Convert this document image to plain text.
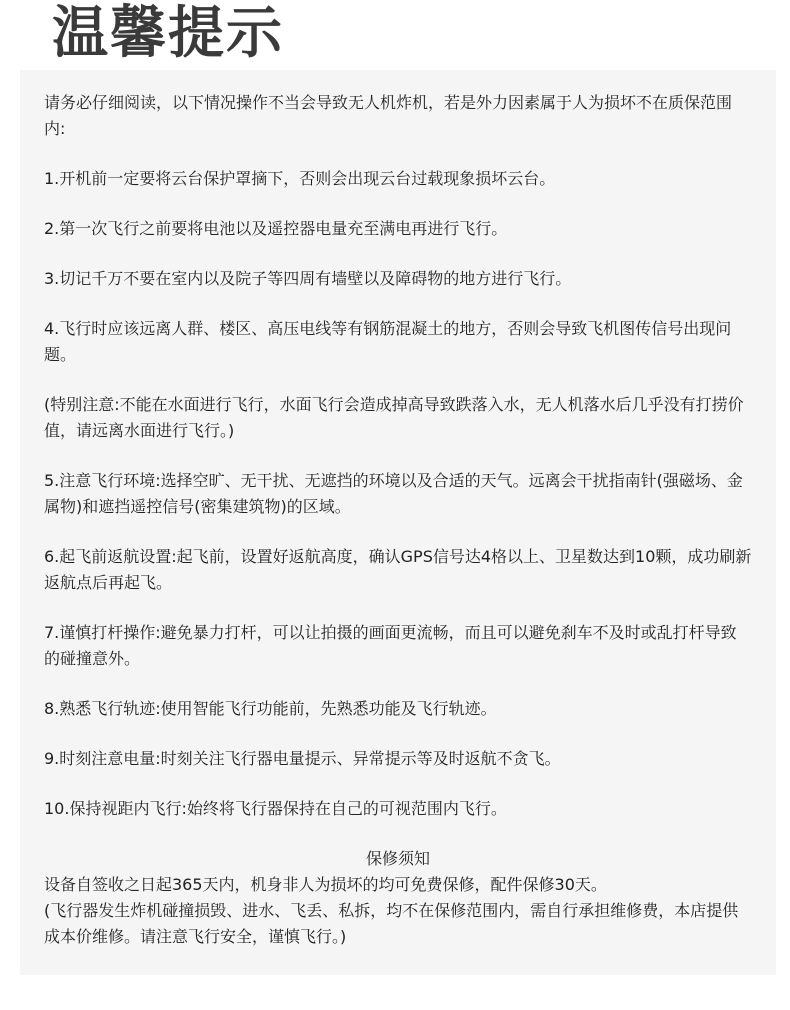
温馨提示

请务必仔细阅读，以下情况操作不当会导致无人机炸机，若是外力因素属于人为损坏不在质保范围内:

1.开机前一定要将云台保护罩摘下，否则会出现云台过载现象损坏云台。

2.第一次飞行之前要将电池以及遥控器电量充至满电再进行飞行。

3.切记千万不要在室内以及院子等四周有墙壁以及障碍物的地方进行飞行。

4.飞行时应该远离人群、楼区、高压电线等有钢筋混凝土的地方，否则会导致飞机图传信号出现问题。

(特别注意:不能在水面进行飞行，水面飞行会造成掉高导致跌落入水，无人机落水后几乎没有打捞价值，请远离水面进行飞行。)

5.注意飞行环境:选择空旷、无干扰、无遮挡的环境以及合适的天气。远离会干扰指南针(强磁场、金属物)和遮挡遥控信号(密集建筑物)的区域。

6.起飞前返航设置:起飞前，设置好返航高度，确认GPS信号达4格以上、卫星数达到10颗，成功刷新返航点后再起飞。

7.谨慎打杆操作:避免暴力打杆，可以让拍摄的画面更流畅，而且可以避免刹车不及时或乱打杆导致的碰撞意外。

8.熟悉飞行轨迹:使用智能飞行功能前，先熟悉功能及飞行轨迹。

9.时刻注意电量:时刻关注飞行器电量提示、异常提示等及时返航不贪飞。

10.保持视距内飞行:始终将飞行器保持在自己的可视范围内飞行。

保修须知

设备自签收之日起365天内，机身非人为损坏的均可免费保修，配件保修30天。

(飞行器发生炸机碰撞损毁、进水、飞丢、私拆，均不在保修范围内，需自行承担维修费，本店提供成本价维修。请注意飞行安全，谨慎飞行。)
